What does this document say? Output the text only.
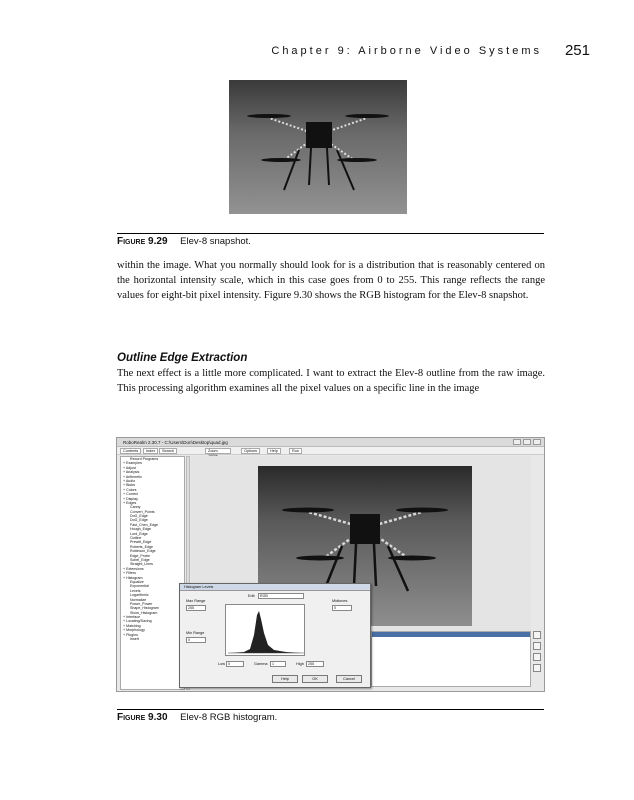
Chapter 9: Airborne Video Systems 251
Figure 9.29 Elev-8 snapshot.

within the image. What you normally should look for is a distribution that is reasonably centered on the horizontal intensity scale, which in this case goes from 0 to 255. This range reflects the range values for eight-bit pixel intensity. Figure 9.30 shows the RGB histogram for the Elev-8 snapshot.

Outline Edge Extraction

The next effect is a little more complicated. I want to extract the Elev-8 outline from the raw image. This processing algorithm examines all the pixel values on a specific line in the image

RoboRealm 2.30.7 - C:\Users\Don\Desktop\quad.jpg
Contents	Index	Search	Zoom	Options	Help	Run
Record Programs
+ Examples
+ Adjust
+ Analysis
+ Arithmetic
+ Audio
+ Blobs
+ Colors
+ Control
+ Display
+ Edges
Canny
Convert_Points
DoG_Edge
DoG_Edge
Fast_Chen_Edge
Hough_Edge
Lord_Edge
Outline
Prewitt_Edge
Roberts_Edge
Robinson_Edge
Edge_Probe
Sobel_Edge
Straight_Lines
+ Extensions
+ Filters
+ Histogram
Equalize
Exponential
Levels
Logarithmic
Normalize
Power_Power
Shape_Histogram
Show_Histogram
+ Interface
+ Locating/Saving
+ Matching
+ Morphology
+ Plugins
Insert
Histogram Levels
Edit	RGB
Max Range
255
Min Range
0
Midtones
0
Low 0	Gamma	1	High	255
Help	OK	Cancel
Figure 9.30 Elev-8 RGB histogram.
